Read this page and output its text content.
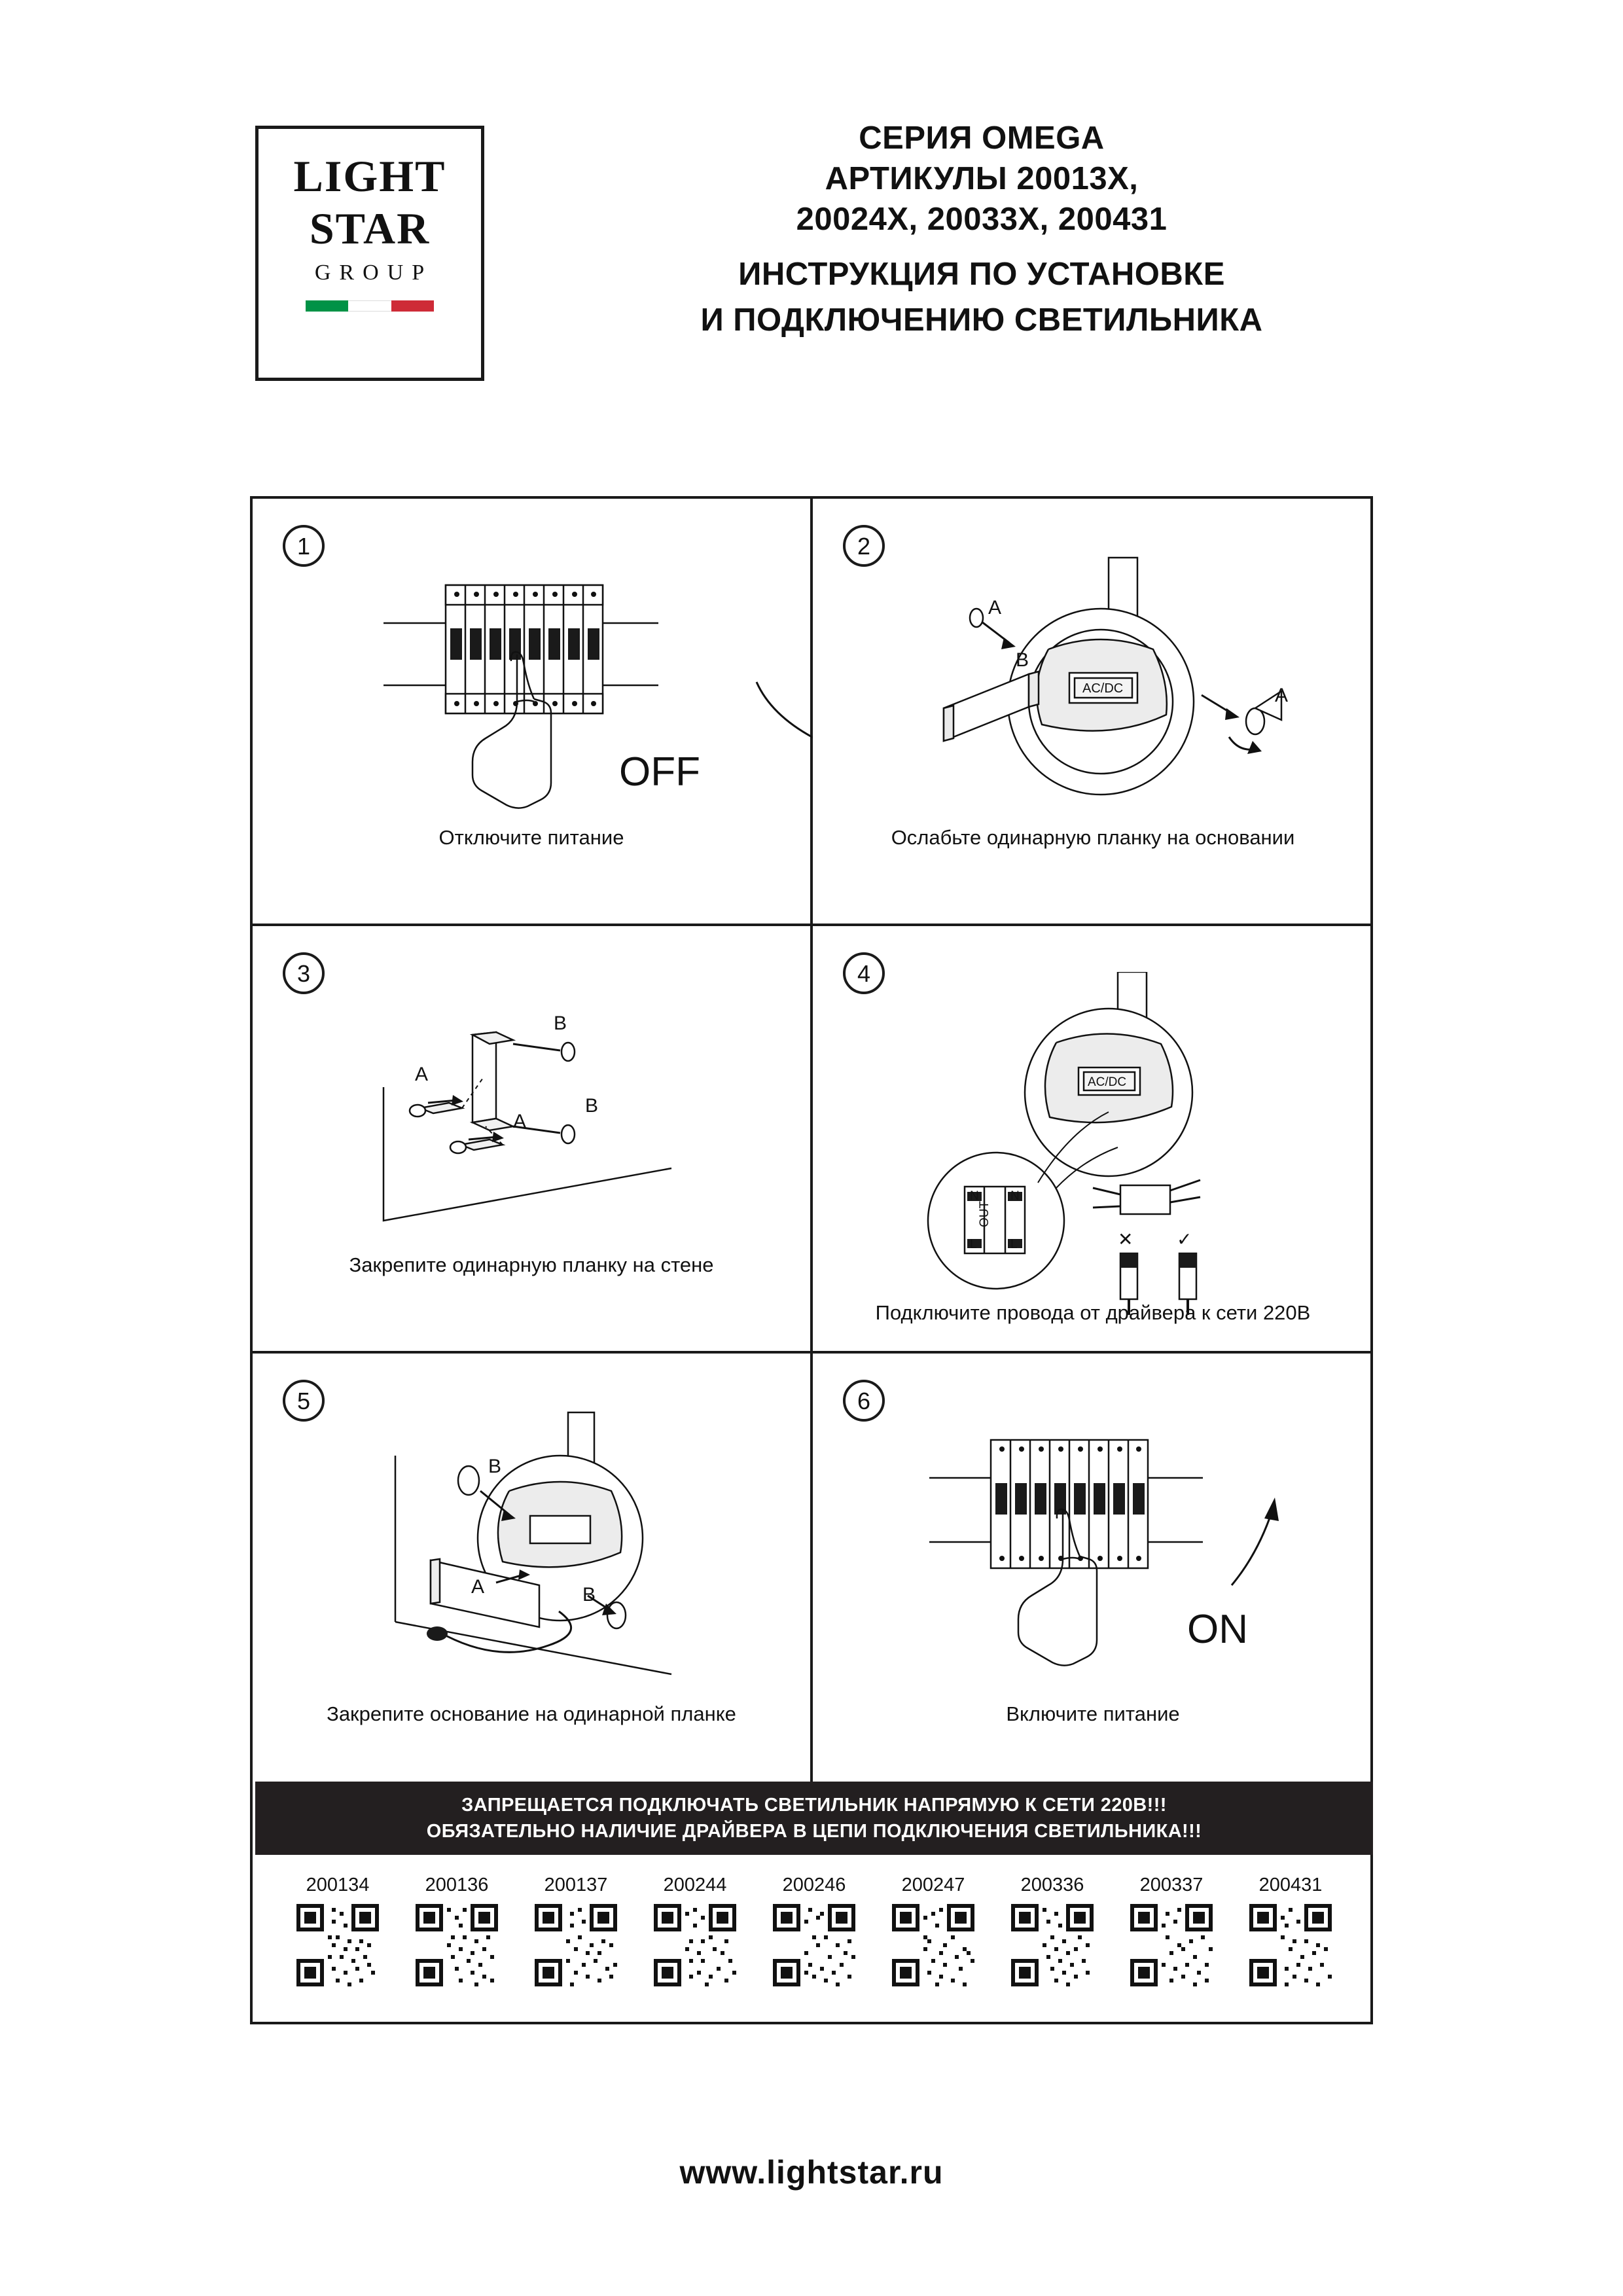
LIGHT
STAR
GROUP
СЕРИЯ OMEGA
АРТИКУЛЫ 20013X,
20024X, 20033X, 200431
ИНСТРУКЦИЯ ПО УСТАНОВКЕ
И ПОДКЛЮЧЕНИЮ СВЕТИЛЬНИКА
1
OFF
Отключите питание
2
A
A
B
AC/DC
Ослабьте одинарную планку на основании
3
A
B
B
A
Закрепите одинарную планку на стене
4
AC/DC
N
L
OUT
N
L	✕ ✓
Подключите провода от драйвера к сети 220В
5
B
A	B
Закрепите основание на одинарной планке
6
ON
Включите питание
ЗАПРЕЩАЕТСЯ ПОДКЛЮЧАТЬ СВЕТИЛЬНИК НАПРЯМУЮ К СЕТИ 220В!!!
ОБЯЗАТЕЛЬНО НАЛИЧИЕ ДРАЙВЕРА В ЦЕПИ ПОДКЛЮЧЕНИЯ СВЕТИЛЬНИКА!!!
200134	200136	200137	200244	200246	200247	200336	200337	200431
www.lightstar.ru
